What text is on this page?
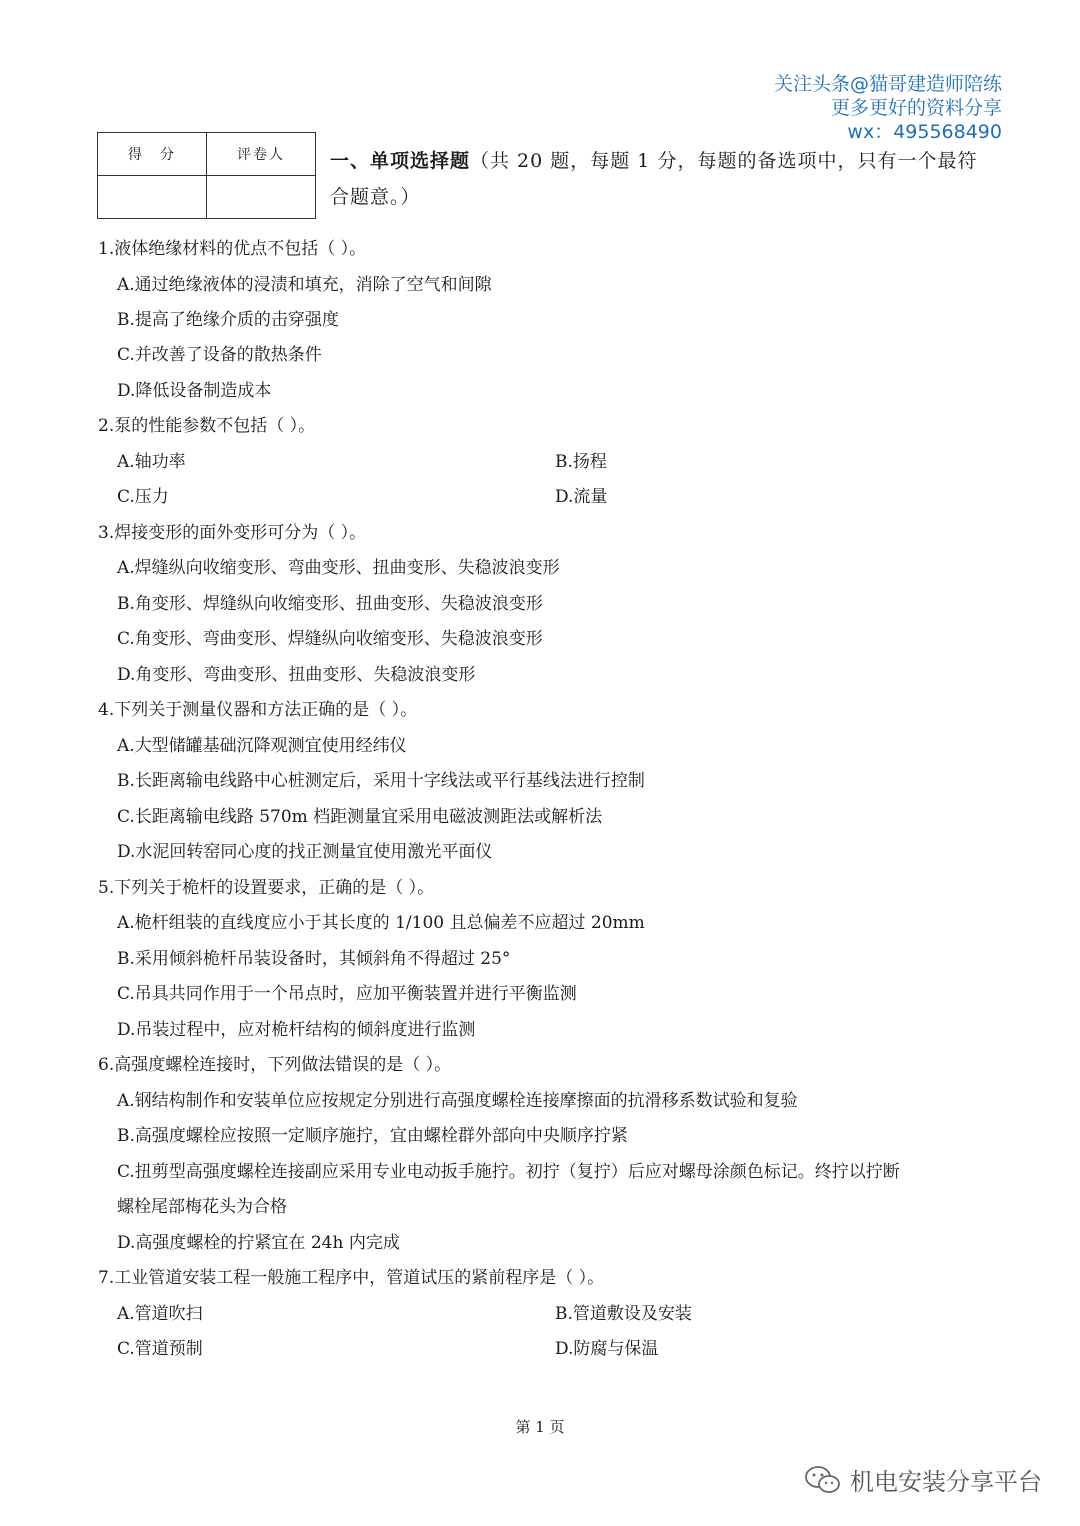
关注头条@猫哥建造师陪练
更多更好的资料分享
wx：495568490
得　分	评卷人
	一、单项选择题（共 20 题，每题 1 分，每题的备选项中，只有一个最符合题意。）
1.液体绝缘材料的优点不包括（ ）。
A.通过绝缘液体的浸渍和填充，消除了空气和间隙
B.提高了绝缘介质的击穿强度
C.并改善了设备的散热条件
D.降低设备制造成本
2.泵的性能参数不包括（ ）。
A.轴功率	B.扬程
C.压力	D.流量
3.焊接变形的面外变形可分为（ ）。
A.焊缝纵向收缩变形、弯曲变形、扭曲变形、失稳波浪变形
B.角变形、焊缝纵向收缩变形、扭曲变形、失稳波浪变形
C.角变形、弯曲变形、焊缝纵向收缩变形、失稳波浪变形
D.角变形、弯曲变形、扭曲变形、失稳波浪变形
4.下列关于测量仪器和方法正确的是（ ）。
A.大型储罐基础沉降观测宜使用经纬仪
B.长距离输电线路中心桩测定后，采用十字线法或平行基线法进行控制
C.长距离输电线路 570m 档距测量宜采用电磁波测距法或解析法
D.水泥回转窑同心度的找正测量宜使用激光平面仪
5.下列关于桅杆的设置要求，正确的是（ ）。
A.桅杆组装的直线度应小于其长度的 1/100 且总偏差不应超过 20mm
B.采用倾斜桅杆吊装设备时，其倾斜角不得超过 25°
C.吊具共同作用于一个吊点时，应加平衡装置并进行平衡监测
D.吊装过程中，应对桅杆结构的倾斜度进行监测
6.高强度螺栓连接时，下列做法错误的是（ ）。
A.钢结构制作和安装单位应按规定分别进行高强度螺栓连接摩擦面的抗滑移系数试验和复验
B.高强度螺栓应按照一定顺序施拧，宜由螺栓群外部向中央顺序拧紧
C.扭剪型高强度螺栓连接副应采用专业电动扳手施拧。初拧（复拧）后应对螺母涂颜色标记。终拧以拧断
螺栓尾部梅花头为合格
D.高强度螺栓的拧紧宜在 24h 内完成
7.工业管道安装工程一般施工程序中，管道试压的紧前程序是（ ）。
A.管道吹扫	B.管道敷设及安装
C.管道预制	D.防腐与保温
第 1 页
机电安装分享平台
